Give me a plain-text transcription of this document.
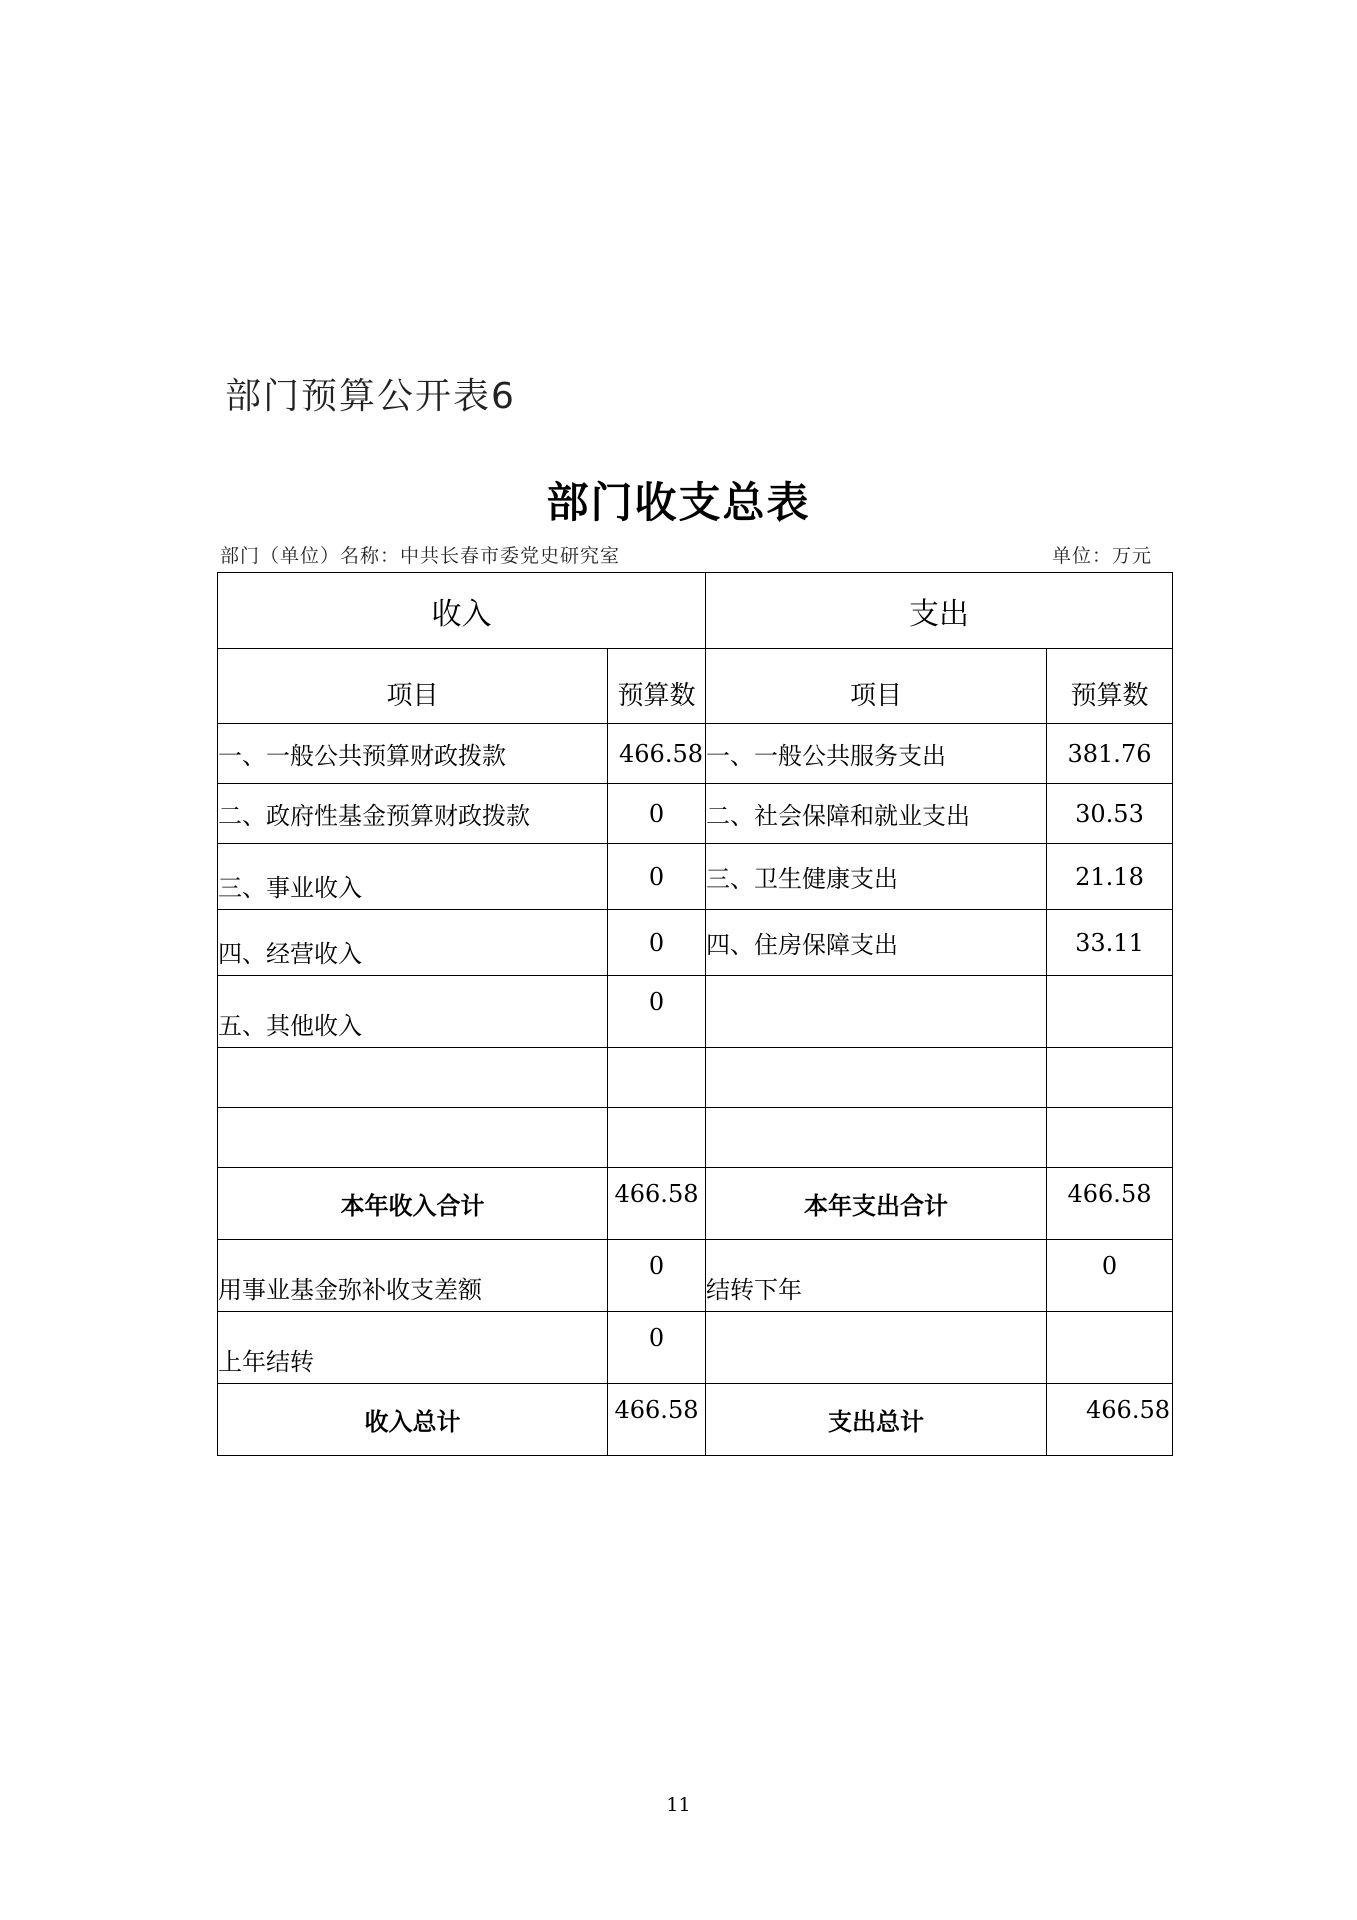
部门预算公开表6
部门收支总表
部门（单位）名称：中共长春市委党史研究室	单位：万元
收入		支出	
项目	预算数	项目	预算数
一、一般公共预算财政拨款	466.58	一、一般公共服务支出	381.76
二、政府性基金预算财政拨款	0	二、社会保障和就业支出	30.53
三、事业收入	0	三、卫生健康支出	21.18
四、经营收入	0	四、住房保障支出	33.11
五、其他收入	0		

本年收入合计	466.58	本年支出合计	466.58
用事业基金弥补收支差额	0	结转下年	0
上年结转	0		
收入总计	466.58	支出总计	466.58
11
